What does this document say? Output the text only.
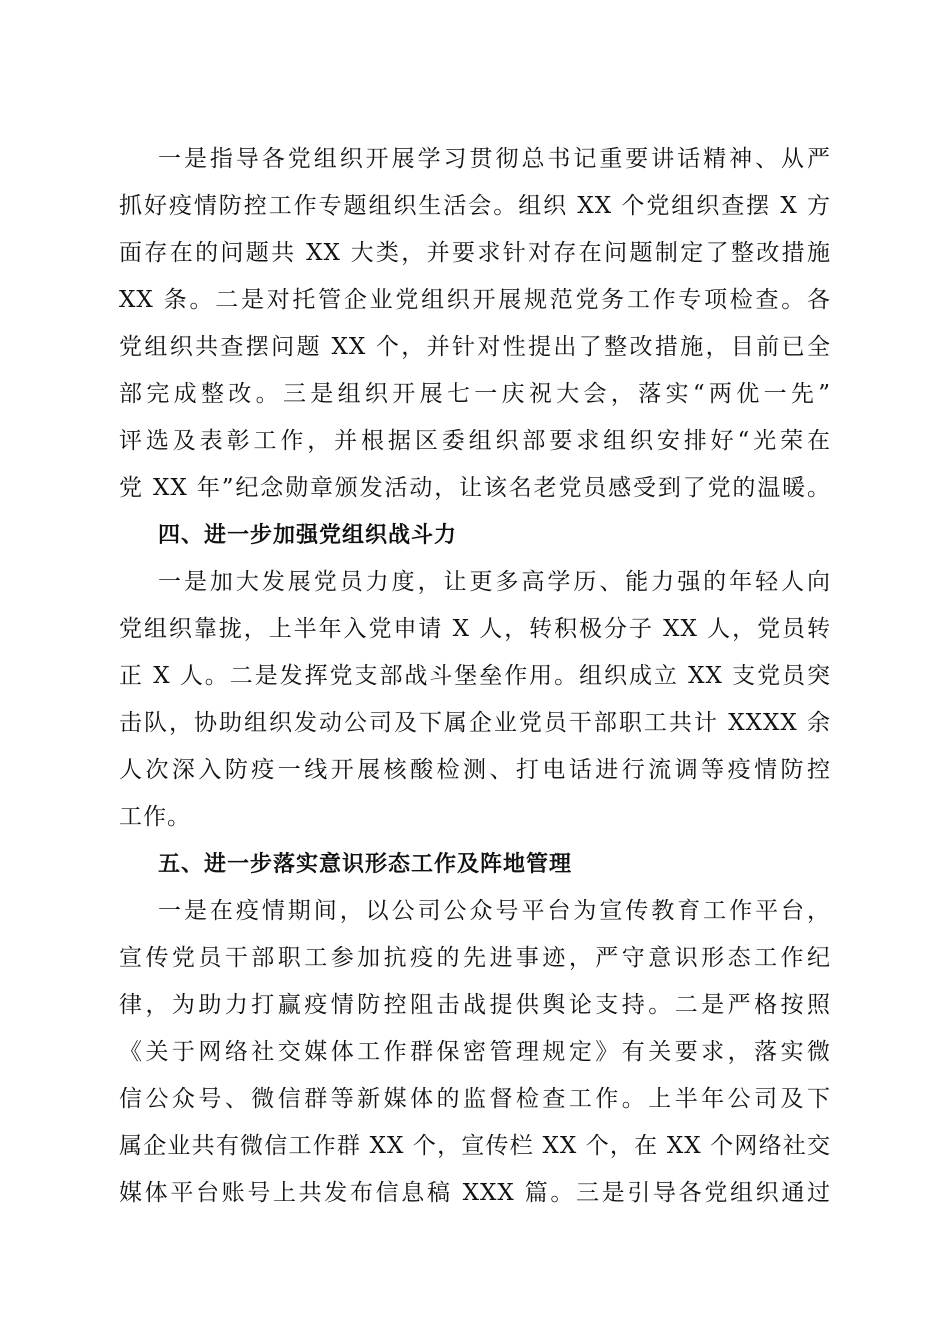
一是指导各党组织开展学习贯彻总书记重要讲话精神、从严
抓好疫情防控工作专题组织生活会。组织 XX 个党组织查摆 X 方
面存在的问题共 XX 大类，并要求针对存在问题制定了整改措施
XX 条。二是对托管企业党组织开展规范党务工作专项检查。各
党组织共查摆问题 XX 个，并针对性提出了整改措施，目前已全
部完成整改。三是组织开展七一庆祝大会，落实“两优一先”
评选及表彰工作，并根据区委组织部要求组织安排好“光荣在
党 XX 年”纪念勋章颁发活动，让该名老党员感受到了党的温暖。
四、进一步加强党组织战斗力
一是加大发展党员力度，让更多高学历、能力强的年轻人向
党组织靠拢，上半年入党申请 X 人，转积极分子 XX 人，党员转
正 X 人。二是发挥党支部战斗堡垒作用。组织成立 XX 支党员突
击队，协助组织发动公司及下属企业党员干部职工共计 XXXX 余
人次深入防疫一线开展核酸检测、打电话进行流调等疫情防控
工作。
五、进一步落实意识形态工作及阵地管理
一是在疫情期间，以公司公众号平台为宣传教育工作平台，
宣传党员干部职工参加抗疫的先进事迹，严守意识形态工作纪
律，为助力打赢疫情防控阻击战提供舆论支持。二是严格按照
《关于网络社交媒体工作群保密管理规定》有关要求，落实微
信公众号、微信群等新媒体的监督检查工作。上半年公司及下
属企业共有微信工作群 XX 个，宣传栏 XX 个，在 XX 个网络社交
媒体平台账号上共发布信息稿 XXX 篇。三是引导各党组织通过
